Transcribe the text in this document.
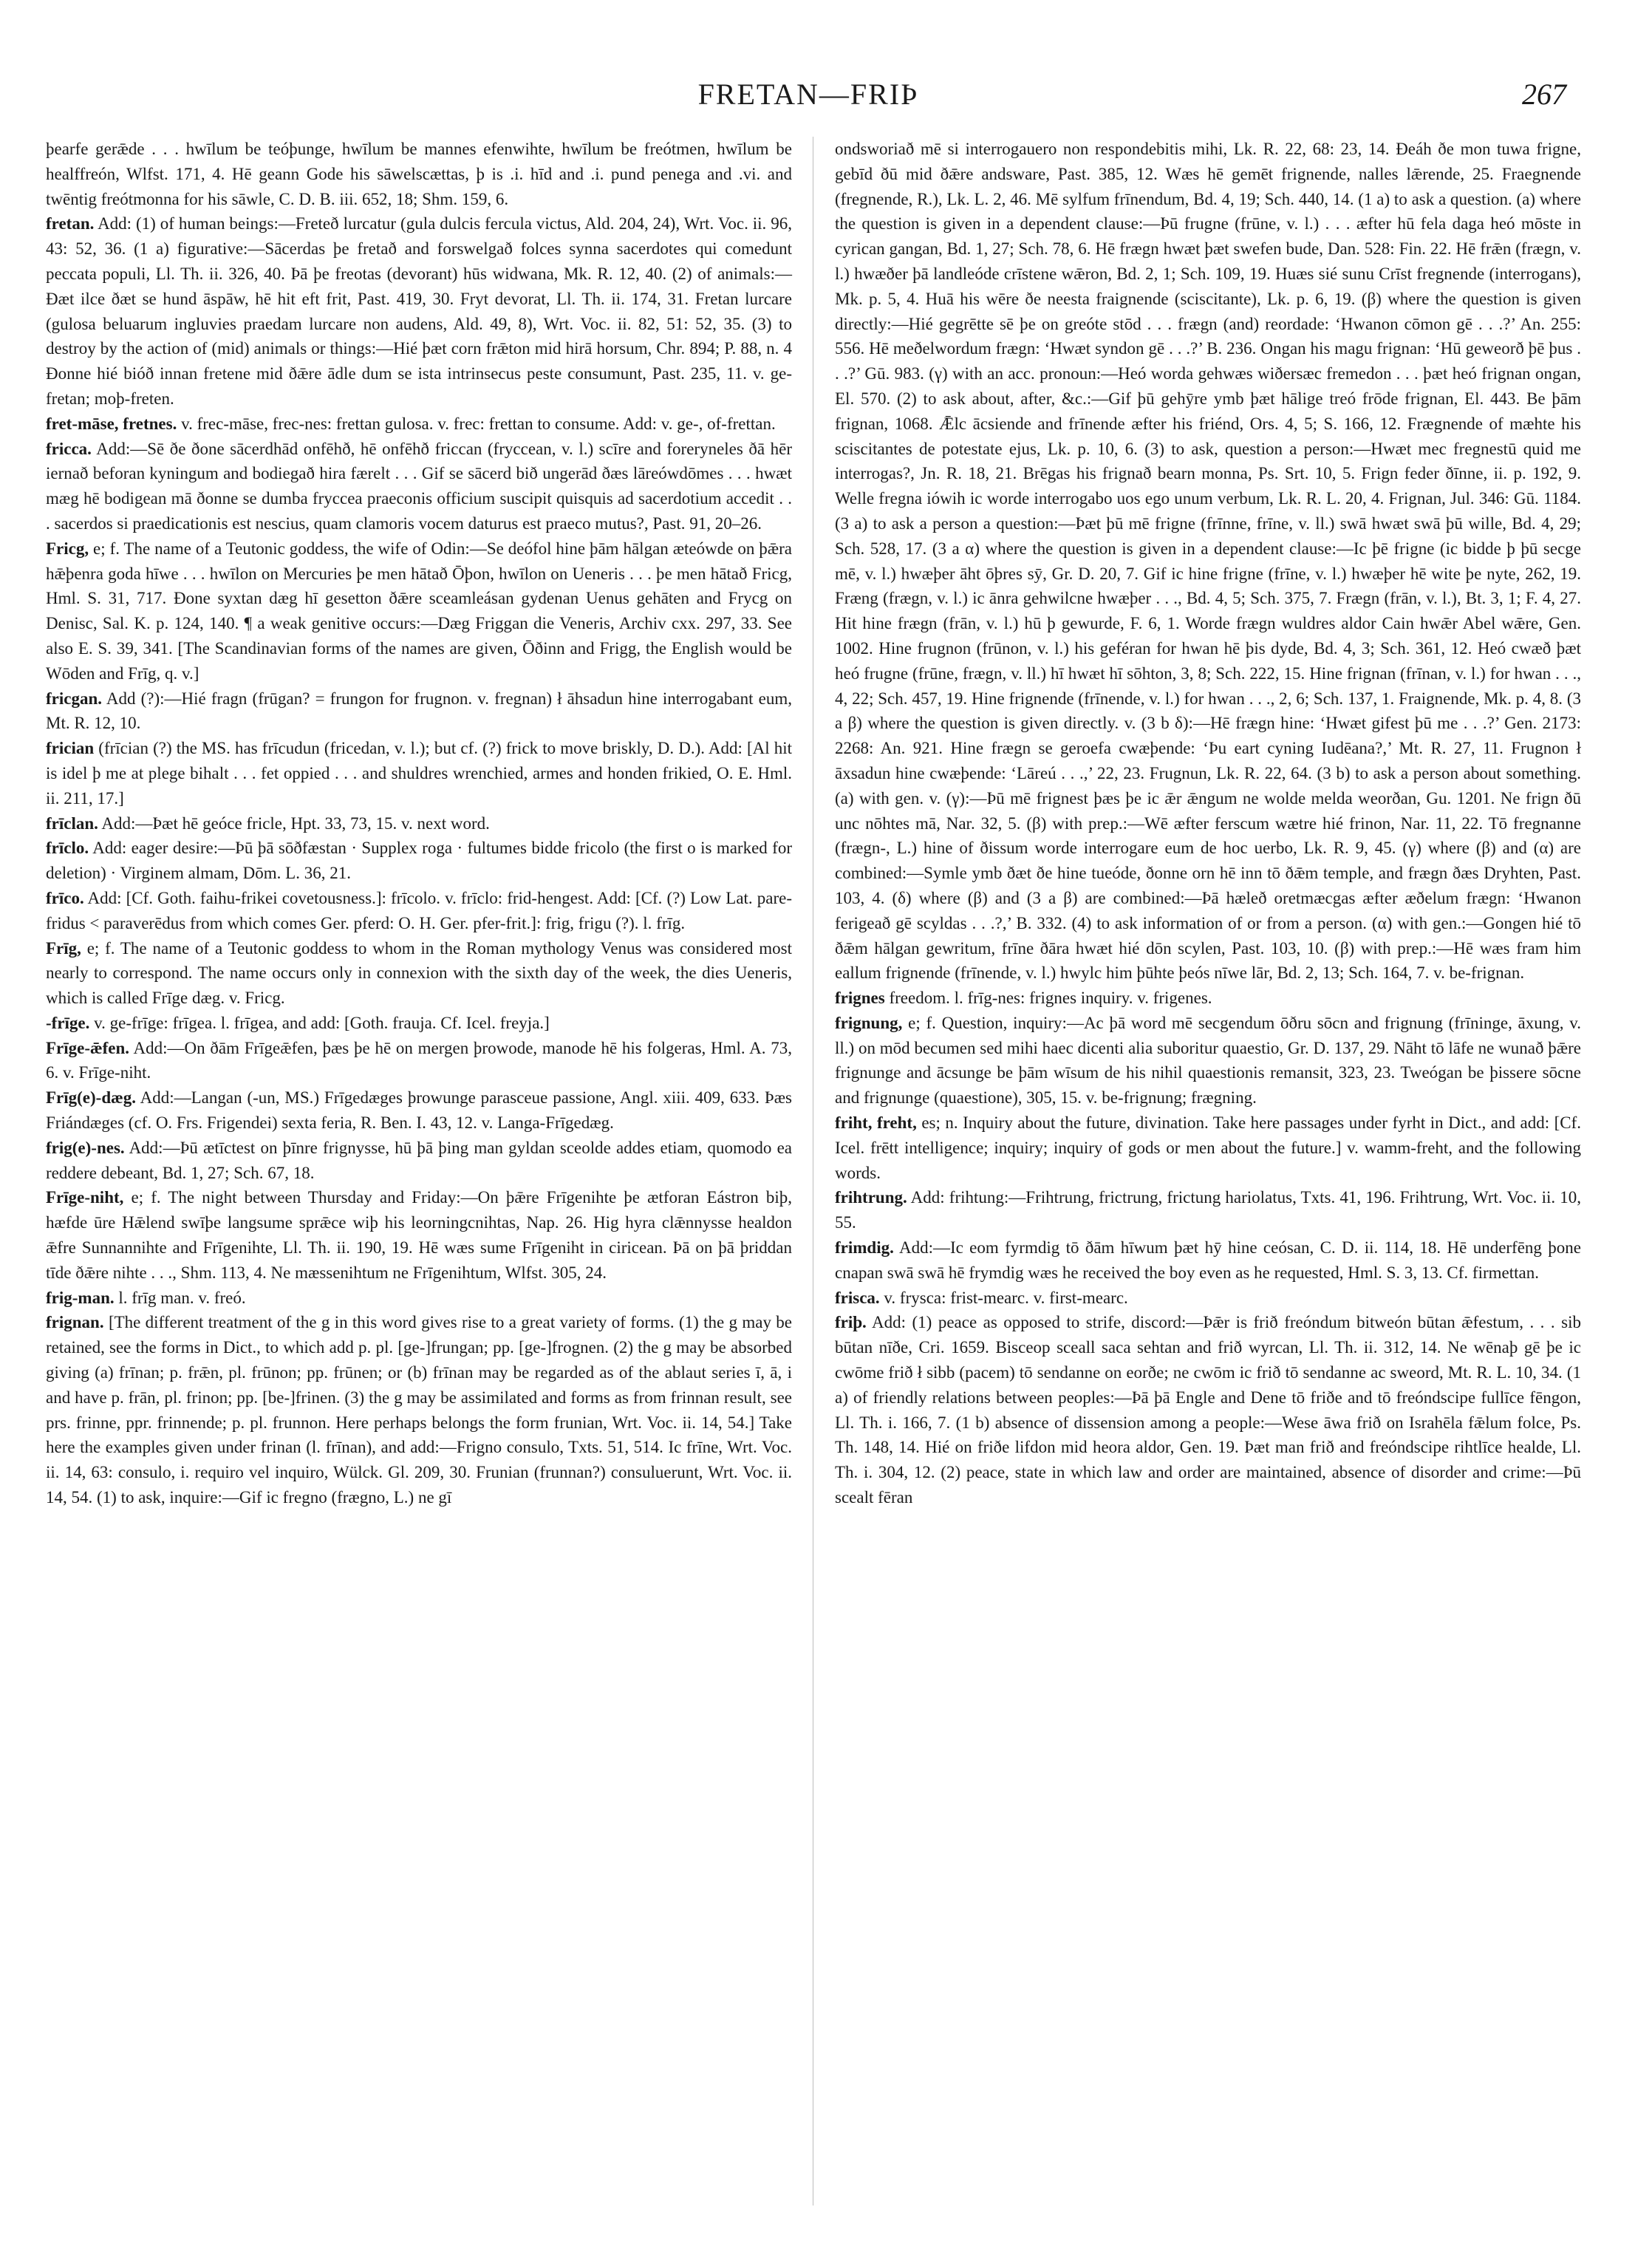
FRETAN—FRIÞ	267

þearfe gerǣde . . . hwīlum be teóþunge, hwīlum be mannes efenwihte, hwīlum be freótmen, hwīlum be healffreón, Wlfst. 171, 4. Hē geann Gode his sāwelscættas, þ is .i. hīd and .i. pund penega and .vi. and twēntig freótmonna for his sāwle, C. D. B. iii. 652, 18; Shm. 159, 6.

fretan. Add: (1) of human beings:—Freteð lurcatur (gula dulcis fercula victus, Ald. 204, 24), Wrt. Voc. ii. 96, 43: 52, 36. (1 a) figurative:—Sācerdas þe fretað and forswelgað folces synna sacerdotes qui comedunt peccata populi, Ll. Th. ii. 326, 40. Þā þe freotas (devorant) hūs widwana, Mk. R. 12, 40. (2) of animals:—Ðæt ilce ðæt se hund āspāw, hē hit eft frit, Past. 419, 30. Fryt devorat, Ll. Th. ii. 174, 31. Fretan lurcare (gulosa beluarum ingluvies praedam lurcare non audens, Ald. 49, 8), Wrt. Voc. ii. 82, 51: 52, 35. (3) to destroy by the action of (mid) animals or things:—Hié þæt corn frǣton mid hirā horsum, Chr. 894; P. 88, n. 4 Ðonne hié bióð innan fretene mid ðǣre ādle dum se ista intrinsecus peste consumunt, Past. 235, 11. v. ge-fretan; moþ-freten.

fret-māse, fretnes. v. frec-māse, frec-nes: frettan gulosa. v. frec: frettan to consume. Add: v. ge-, of-frettan.

fricca. Add:—Sē ðe ðone sācerdhād onfēhð, hē onfēhð friccan (fryccean, v. l.) scīre and foreryneles ðā hēr iernað beforan kyningum and bodiegað hira færelt . . . Gif se sācerd bið ungerād ðæs lāreówdōmes . . . hwæt mæg hē bodigean mā ðonne se dumba fryccea praeconis officium suscipit quisquis ad sacerdotium accedit . . . sacerdos si praedicationis est nescius, quam clamoris vocem daturus est praeco mutus?, Past. 91, 20–26.

Fricg, e; f. The name of a Teutonic goddess, the wife of Odin:—Se deófol hine þām hālgan æteówde on þǣra hǣþenra goda hīwe . . . hwīlon on Mercuries þe men hātað Ōþon, hwīlon on Ueneris . . . þe men hātað Fricg, Hml. S. 31, 717. Ðone syxtan dæg hī gesetton ðǣre sceamleásan gydenan Uenus gehāten and Frycg on Denisc, Sal. K. p. 124, 140. ¶ a weak genitive occurs:—Dæg Friggan die Veneris, Archiv cxx. 297, 33. See also E. S. 39, 341. [The Scandinavian forms of the names are given, Ōðinn and Frigg, the English would be Wōden and Frīg, q. v.]

fricgan. Add (?):—Hié fragn (frūgan? = frungon for frugnon. v. fregnan) ł āhsadun hine interrogabant eum, Mt. R. 12, 10.

frician (frīcian (?) the MS. has frīcudun (fricedan, v. l.); but cf. (?) frick to move briskly, D. D.). Add: [Al hit is idel þ me at plege bihalt . . . fet oppied . . . and shuldres wrenchied, armes and honden frikied, O. E. Hml. ii. 211, 17.]

frīclan. Add:—Þæt hē geóce fricle, Hpt. 33, 73, 15. v. next word.

frīclo. Add: eager desire:—Þū þā sōðfæstan · Supplex roga · fultumes bidde fricolo (the first o is marked for deletion) · Virginem almam, Dōm. L. 36, 21.

frīco. Add: [Cf. Goth. faihu-frikei covetousness.]: frīcolo. v. frīclo: frid-hengest. Add: [Cf. (?) Low Lat. pare-fridus < paraverēdus from which comes Ger. pferd: O. H. Ger. pfer-frit.]: frig, frigu (?). l. frīg.

Frīg, e; f. The name of a Teutonic goddess to whom in the Roman mythology Venus was considered most nearly to correspond. The name occurs only in connexion with the sixth day of the week, the dies Ueneris, which is called Frīge dæg. v. Fricg.

-frīge. v. ge-frīge: frīgea. l. frīgea, and add: [Goth. frauja. Cf. Icel. freyja.]

Frīge-ǣfen. Add:—On ðām Frīgeǣfen, þæs þe hē on mergen þrowode, manode hē his folgeras, Hml. A. 73, 6. v. Frīge-niht.

Frīg(e)-dæg. Add:—Langan (-un, MS.) Frīgedæges þrowunge parasceue passione, Angl. xiii. 409, 633. Þæs Friándæges (cf. O. Frs. Frigendei) sexta feria, R. Ben. I. 43, 12. v. Langa-Frīgedæg.

frig(e)-nes. Add:—Þū ætīctest on þīnre frignysse, hū þā þing man gyldan sceolde addes etiam, quomodo ea reddere debeant, Bd. 1, 27; Sch. 67, 18.

Frīge-niht, e; f. The night between Thursday and Friday:—On þǣre Frīgenihte þe ætforan Eástron biþ, hæfde ūre Hǣlend swīþe langsume sprǣce wiþ his leorningcnihtas, Nap. 26. Hig hyra clǣnnysse healdon ǣfre Sunnannihte and Frīgenihte, Ll. Th. ii. 190, 19. Hē wæs sume Frīgeniht in ciricean. Þā on þā þriddan tīde ðǣre nihte . . ., Shm. 113, 4. Ne mæssenihtum ne Frīgenihtum, Wlfst. 305, 24.

frig-man. l. frīg man. v. freó.

frignan. [The different treatment of the g in this word gives rise to a great variety of forms. (1) the g may be retained, see the forms in Dict., to which add p. pl. [ge-]frungan; pp. [ge-]frognen. (2) the g may be absorbed giving (a) frīnan; p. frǣn, pl. frūnon; pp. frūnen; or (b) frīnan may be regarded as of the ablaut series ī, ā, i and have p. frān, pl. frinon; pp. [be-]frinen. (3) the g may be assimilated and forms as from frinnan result, see prs. frinne, ppr. frinnende; p. pl. frunnon. Here perhaps belongs the form frunian, Wrt. Voc. ii. 14, 54.] Take here the examples given under frinan (l. frīnan), and add:—Frigno consulo, Txts. 51, 514. Ic frīne, Wrt. Voc. ii. 14, 63: consulo, i. requiro vel inquiro, Wülck. Gl. 209, 30. Frunian (frunnan?) consuluerunt, Wrt. Voc. ii. 14, 54. (1) to ask, inquire:—Gif ic fregno (frægno, L.) ne gī

ondsworiað mē si interrogauero non respondebitis mihi, Lk. R. 22, 68: 23, 14. Ðeáh ðe mon tuwa frigne, gebīd ðū mid ðǣre andsware, Past. 385, 12. Wæs hē gemēt frignende, nalles lǣrende, 25. Fraegnende (fregnende, R.), Lk. L. 2, 46. Mē sylfum frīnendum, Bd. 4, 19; Sch. 440, 14. (1 a) to ask a question. (a) where the question is given in a dependent clause:—Þū frugne (frūne, v. l.) . . . æfter hū fela daga heó mōste in cyrican gangan, Bd. 1, 27; Sch. 78, 6. Hē frægn hwæt þæt swefen bude, Dan. 528: Fin. 22. Hē frǣn (frægn, v. l.) hwæðer þā landleóde crīstene wǣron, Bd. 2, 1; Sch. 109, 19. Huæs sié sunu Crīst fregnende (interrogans), Mk. p. 5, 4. Huā his wēre ðe neesta fraignende (sciscitante), Lk. p. 6, 19. (β) where the question is given directly:—Hié gegrētte sē þe on greóte stōd . . . frægn (and) reordade: ‘Hwanon cōmon gē . . .?’ An. 255: 556. Hē meðelwordum frægn: ‘Hwæt syndon gē . . .?’ B. 236. Ongan his magu frignan: ‘Hū geweorð þē þus . . .?’ Gū. 983. (γ) with an acc. pronoun:—Heó worda gehwæs wiðersæc fremedon . . . þæt heó frignan ongan, El. 570. (2) to ask about, after, &c.:—Gif þū gehȳre ymb þæt hālige treó frōde frignan, El. 443. Be þām frignan, 1068. Ǣlc ācsiende and frīnende æfter his friénd, Ors. 4, 5; S. 166, 12. Frægnende of mæhte his sciscitantes de potestate ejus, Lk. p. 10, 6. (3) to ask, question a person:—Hwæt mec fregnestū quid me interrogas?, Jn. R. 18, 21. Brēgas his frignað bearn monna, Ps. Srt. 10, 5. Frign feder ðīnne, ii. p. 192, 9. Welle fregna iówih ic worde interrogabo uos ego unum verbum, Lk. R. L. 20, 4. Frignan, Jul. 346: Gū. 1184. (3 a) to ask a person a question:—Þæt þū mē frigne (frīnne, frīne, v. ll.) swā hwæt swā þū wille, Bd. 4, 29; Sch. 528, 17. (3 a α) where the question is given in a dependent clause:—Ic þē frigne (ic bidde þ þū secge mē, v. l.) hwæþer āht ōþres sȳ, Gr. D. 20, 7. Gif ic hine frigne (frīne, v. l.) hwæþer hē wite þe nyte, 262, 19. Fræng (frægn, v. l.) ic ānra gehwilcne hwæþer . . ., Bd. 4, 5; Sch. 375, 7. Frægn (frān, v. l.), Bt. 3, 1; F. 4, 27. Hit hine frægn (frān, v. l.) hū þ gewurde, F. 6, 1. Worde frægn wuldres aldor Cain hwǣr Abel wǣre, Gen. 1002. Hine frugnon (frūnon, v. l.) his geféran for hwan hē þis dyde, Bd. 4, 3; Sch. 361, 12. Heó cwæð þæt heó frugne (frūne, frægn, v. ll.) hī hwæt hī sōhton, 3, 8; Sch. 222, 15. Hine frignan (frīnan, v. l.) for hwan . . ., 4, 22; Sch. 457, 19. Hine frignende (frīnende, v. l.) for hwan . . ., 2, 6; Sch. 137, 1. Fraignende, Mk. p. 4, 8. (3 a β) where the question is given directly. v. (3 b δ):—Hē frægn hine: ‘Hwæt gifest þū me . . .?’ Gen. 2173: 2268: An. 921. Hine frægn se geroefa cwæþende: ‘Þu eart cyning Iudēana?,’ Mt. R. 27, 11. Frugnon ł āxsadun hine cwæþende: ‘Lāreú . . .,’ 22, 23. Frugnun, Lk. R. 22, 64. (3 b) to ask a person about something. (a) with gen. v. (γ):—Þū mē frignest þæs þe ic ǣr ǣngum ne wolde melda weorðan, Gu. 1201. Ne frign ðū unc nōhtes mā, Nar. 32, 5. (β) with prep.:—Wē æfter ferscum wætre hié frinon, Nar. 11, 22. Tō fregnanne (frægn-, L.) hine of ðissum worde interrogare eum de hoc uerbo, Lk. R. 9, 45. (γ) where (β) and (α) are combined:—Symle ymb ðæt ðe hine tueóde, ðonne orn hē inn tō ðǣm temple, and frægn ðæs Dryhten, Past. 103, 4. (δ) where (β) and (3 a β) are combined:—Þā hæleð oretmæcgas æfter æðelum frægn: ‘Hwanon ferigeað gē scyldas . . .?,’ B. 332. (4) to ask information of or from a person. (α) with gen.:—Gongen hié tō ðǣm hālgan gewritum, frīne ðāra hwæt hié dōn scylen, Past. 103, 10. (β) with prep.:—Hē wæs fram him eallum frignende (frīnende, v. l.) hwylc him þūhte þeós nīwe lār, Bd. 2, 13; Sch. 164, 7. v. be-frignan.

frignes freedom. l. frīg-nes: frignes inquiry. v. frigenes.

frignung, e; f. Question, inquiry:—Ac þā word mē secgendum ōðru sōcn and frignung (frīninge, āxung, v. ll.) on mōd becumen sed mihi haec dicenti alia suboritur quaestio, Gr. D. 137, 29. Nāht tō lāfe ne wunað þǣre frignunge and ācsunge be þām wīsum de his nihil quaestionis remansit, 323, 23. Tweógan be þissere sōcne and frignunge (quaestione), 305, 15. v. be-frignung; frægning.

friht, freht, es; n. Inquiry about the future, divination. Take here passages under fyrht in Dict., and add: [Cf. Icel. frētt intelligence; inquiry; inquiry of gods or men about the future.] v. wamm-freht, and the following words.

frihtrung. Add: frihtung:—Frihtrung, frictrung, frictung hariolatus, Txts. 41, 196. Frihtrung, Wrt. Voc. ii. 10, 55.

frimdig. Add:—Ic eom fyrmdig tō ðām hīwum þæt hȳ hine ceósan, C. D. ii. 114, 18. Hē underfēng þone cnapan swā swā hē frymdig wæs he received the boy even as he requested, Hml. S. 3, 13. Cf. firmettan.

frisca. v. frysca: frist-mearc. v. first-mearc.

friþ. Add: (1) peace as opposed to strife, discord:—Þǣr is frið freóndum bitweón būtan ǣfestum, . . . sib būtan nīðe, Cri. 1659. Bisceop sceall saca sehtan and frið wyrcan, Ll. Th. ii. 312, 14. Ne wēnaþ gē þe ic cwōme frið ł sibb (pacem) tō sendanne on eorðe; ne cwōm ic frið tō sendanne ac sweord, Mt. R. L. 10, 34. (1 a) of friendly relations between peoples:—Þā þā Engle and Dene tō friðe and tō freóndscipe fullīce fēngon, Ll. Th. i. 166, 7. (1 b) absence of dissension among a people:—Wese āwa frið on Israhēla fǣlum folce, Ps. Th. 148, 14. Hié on friðe lifdon mid heora aldor, Gen. 19. Þæt man frið and freóndscipe rihtlīce healde, Ll. Th. i. 304, 12. (2) peace, state in which law and order are maintained, absence of disorder and crime:—Þū scealt fēran
